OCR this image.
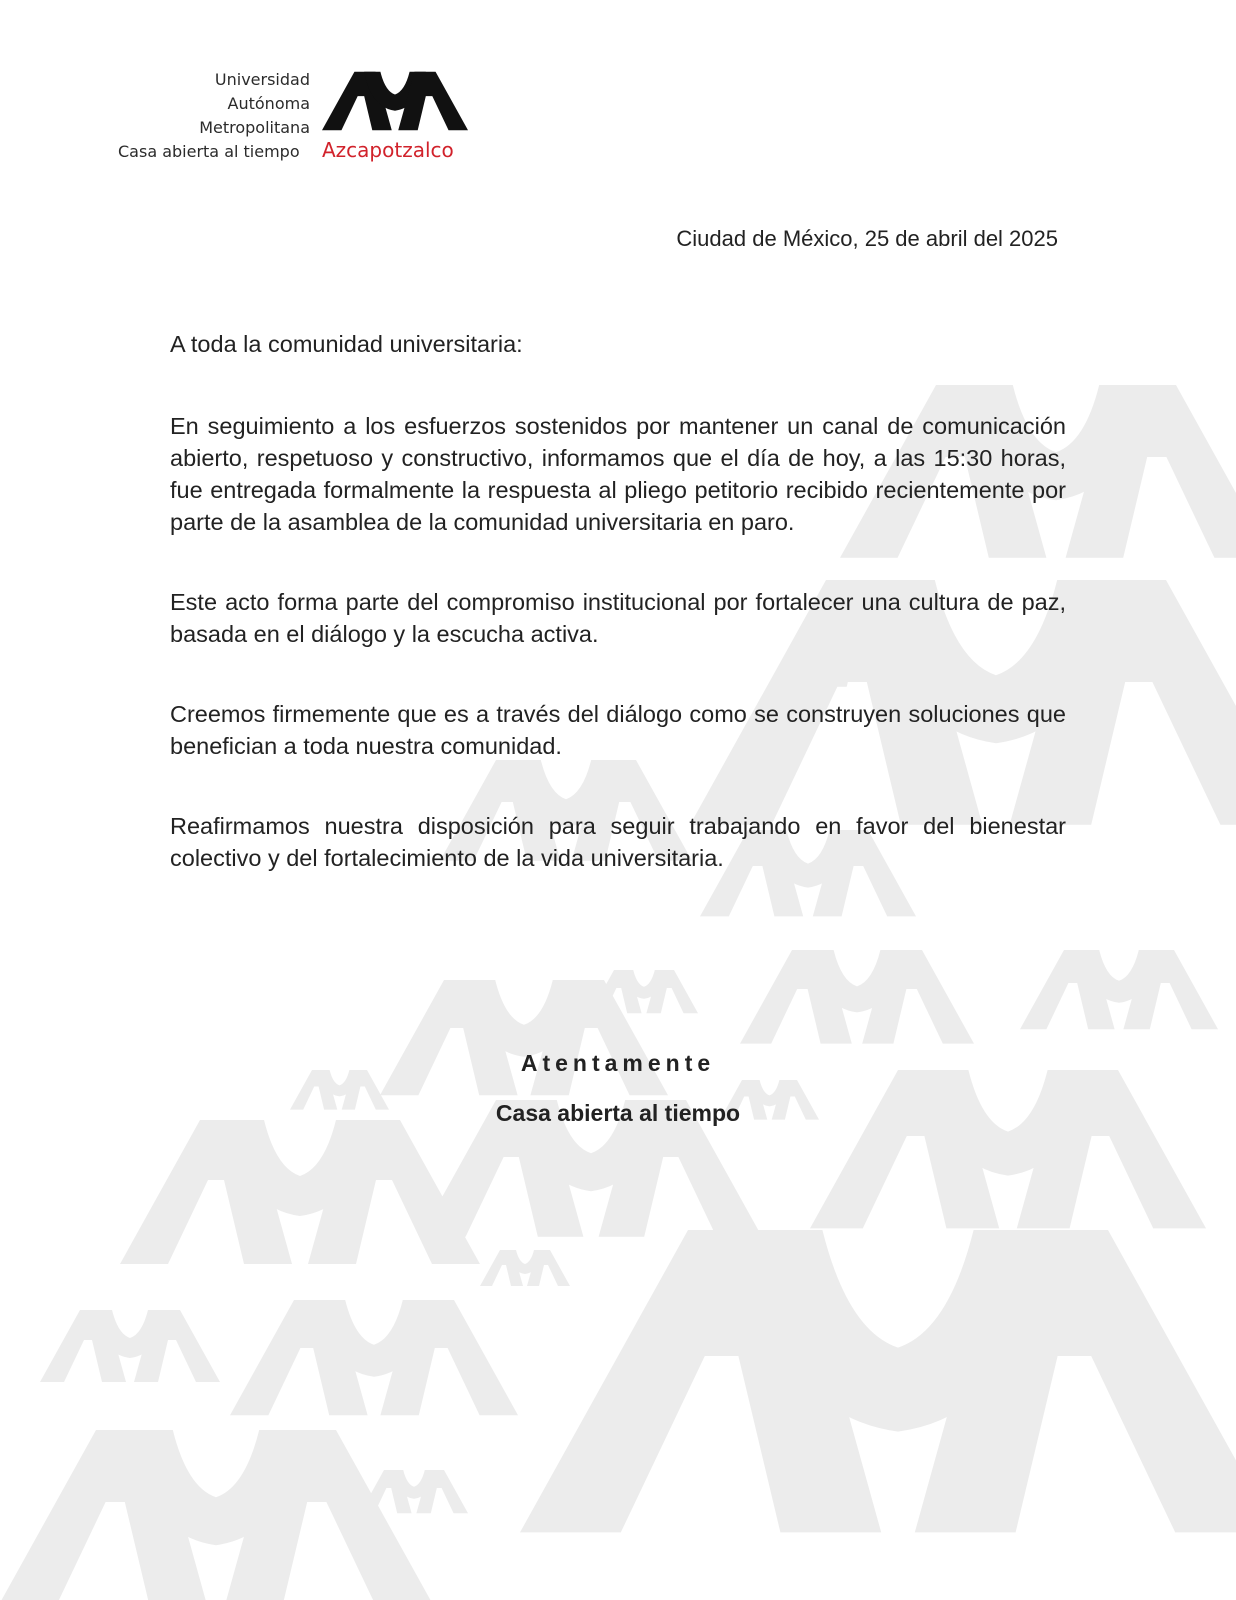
Universidad
Autónoma
Metropolitana
Casa abierta al tiempo Azcapotzalco
Ciudad de México, 25 de abril del 2025

A toda la comunidad universitaria:

En seguimiento a los esfuerzos sostenidos por mantener un canal de comunicación abierto, respetuoso y constructivo, informamos que el día de hoy, a las 15:30 horas, fue entregada formalmente la respuesta al pliego petitorio recibido recientemente por parte de la asamblea de la comunidad universitaria en paro.

Este acto forma parte del compromiso institucional por fortalecer una cultura de paz, basada en el diálogo y la escucha activa.

Creemos firmemente que es a través del diálogo como se construyen soluciones que benefician a toda nuestra comunidad.

Reafirmamos nuestra disposición para seguir trabajando en favor del bienestar colectivo y del fortalecimiento de la vida universitaria.

Atentamente
Casa abierta al tiempo
